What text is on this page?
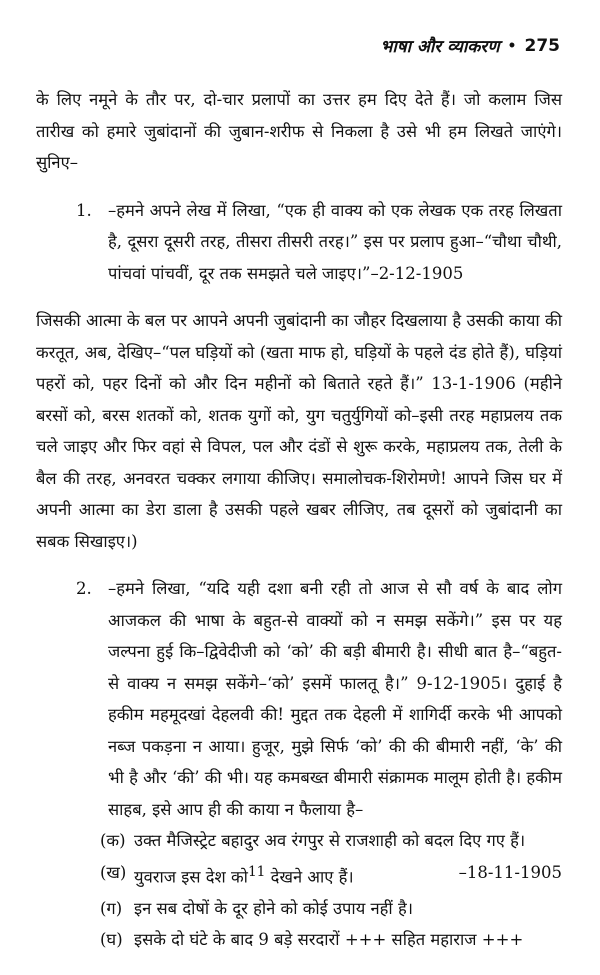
भाषा और व्याकरण • 275

के लिए नमूने के तौर पर, दो-चार प्रलापों का उत्तर हम दिए देते हैं। जो कलाम जिस तारीख को हमारे जुबांदानों की जुबान-शरीफ से निकला है उसे भी हम लिखते जाएंगे। सुनिए–

1. –हमने अपने लेख में लिखा, “एक ही वाक्य को एक लेखक एक तरह लिखता है, दूसरा दूसरी तरह, तीसरा तीसरी तरह।” इस पर प्रलाप हुआ–“चौथा चौथी, पांचवां पांचवीं, दूर तक समझते चले जाइए।”–2-12-1905

जिसकी आत्मा के बल पर आपने अपनी जुबांदानी का जौहर दिखलाया है उसकी काया की करतूत, अब, देखिए–“पल घड़ियों को (खता माफ हो, घड़ियों के पहले दंड होते हैं), घड़ियां पहरों को, पहर दिनों को और दिन महीनों को बिताते रहते हैं।” 13-1-1906 (महीने बरसों को, बरस शतकों को, शतक युगों को, युग चतुर्युगियों को–इसी तरह महाप्रलय तक चले जाइए और फिर वहां से विपल, पल और दंडों से शुरू करके, महाप्रलय तक, तेली के बैल की तरह, अनवरत चक्कर लगाया कीजिए। समालोचक-शिरोमणे! आपने जिस घर में अपनी आत्मा का डेरा डाला है उसकी पहले खबर लीजिए, तब दूसरों को जुबांदानी का सबक सिखाइए।)

2. –हमने लिखा, “यदि यही दशा बनी रही तो आज से सौ वर्ष के बाद लोग आजकल की भाषा के बहुत-से वाक्यों को न समझ सकेंगे।” इस पर यह जल्पना हुई कि–द्विवेदीजी को ‘को’ की बड़ी बीमारी है। सीधी बात है–“बहुत-से वाक्य न समझ सकेंगे–‘को’ इसमें फालतू है।” 9-12-1905। दुहाई है हकीम महमूदखां देहलवी की! मुद्दत तक देहली में शागिर्दी करके भी आपको नब्ज पकड़ना न आया। हुजूर, मुझे सिर्फ ‘को’ की की बीमारी नहीं, ‘के’ की भी है और ‘की’ की भी। यह कमबख्त बीमारी संक्रामक मालूम होती है। हकीम साहब, इसे आप ही की काया न फैलाया है–
(क) उक्त मैजिस्ट्रेट बहादुर अव रंगपुर से राजशाही को बदल दिए गए हैं।
(ख) युवराज इस देश को$^{11}$ देखने आए हैं।	–18-11-1905
(ग) इन सब दोषों के दूर होने को कोई उपाय नहीं है।
(घ) इसके दो घंटे के बाद 9 बड़े सरदारों +++ सहित महाराज +++
